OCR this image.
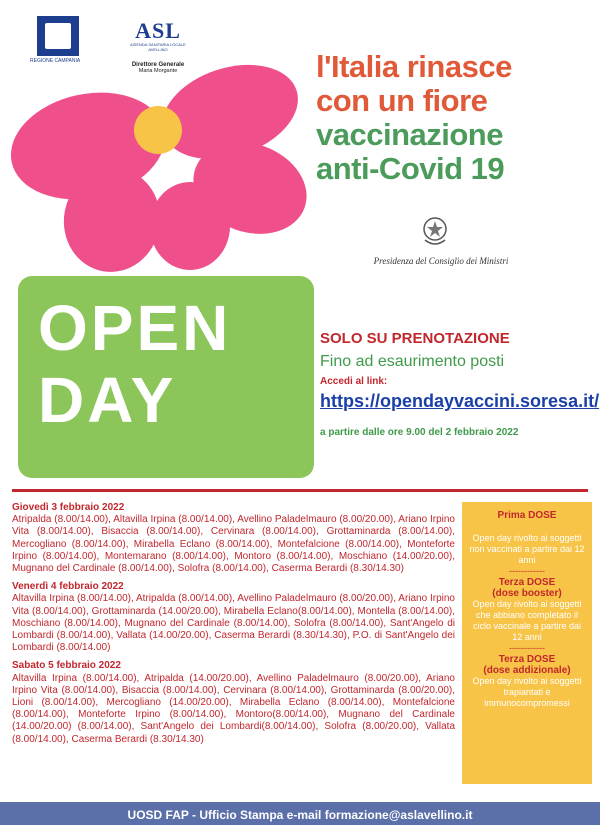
REGIONE CAMPANIA
ASL
AZIENDA SANITARIA LOCALE AVELLINO
Direttore Generale
Maria Morgante	l'Italia rinasce
con un fiore
vaccinazione
anti-Covid 19
Presidenza del Consiglio dei Ministri
OPEN
DAY
SOLO SU PRENOTAZIONE
Fino ad esaurimento posti
Accedi al link:
https://opendayvaccini.soresa.it/
a partire dalle ore 9.00 del 2 febbraio 2022
Giovedì 3 febbraio 2022
Atripalda (8.00/14.00), Altavilla Irpina (8.00/14.00), Avellino Paladelmauro (8.00/20.00), Ariano Irpino Vita (8.00/14.00), Bisaccia (8.00/14.00), Cervinara (8.00/14.00), Grottaminarda (8.00/14.00), Mercogliano (8.00/14.00), Mirabella Eclano (8.00/14.00), Montefalcione (8.00/14.00), Monteforte Irpino (8.00/14.00), Montemarano (8.00/14.00), Montoro (8.00/14.00), Moschiano (14.00/20.00), Mugnano del Cardinale (8.00/14.00), Solofra (8.00/14.00), Caserma Berardi (8.30/14.30)
Venerdì 4 febbraio 2022
Altavilla Irpina (8.00/14.00), Atripalda (8.00/14.00), Avellino Paladelmauro (8.00/20.00), Ariano Irpino Vita (8.00/14.00), Grottaminarda (14.00/20.00), Mirabella Eclano(8.00/14.00), Montella (8.00/14.00), Moschiano (8.00/14.00), Mugnano del Cardinale (8.00/14.00), Solofra (8.00/14.00), Sant'Angelo di Lombardi (8.00/14.00), Vallata (14.00/20.00), Caserma Berardi (8.30/14.30), P.O. di Sant'Angelo dei Lombardi (8.00/14.00)
Sabato 5 febbraio 2022
Altavilla Irpina (8.00/14.00), Atripalda (14.00/20.00), Avellino Paladelmauro (8.00/20.00), Ariano Irpino Vita (8.00/14.00), Bisaccia (8.00/14.00), Cervinara (8.00/14.00), Grottaminarda (8.00/20.00), Lioni (8.00/14.00), Mercogliano (14.00/20.00), Mirabella Eclano (8.00/14.00), Montefalcione (8.00/14.00), Monteforte Irpino (8.00/14.00), Montoro(8.00/14.00), Mugnano del Cardinale (14.00/20.00) (8.00/14.00), Sant'Angelo dei Lombardi(8.00/14.00), Solofra (8.00/20.00), Vallata (8.00/14.00), Caserma Berardi (8.30/14.30)
Prima DOSE
Open day rivolto ai soggetti non vaccinati a partire dai 12 anni
------------
Terza DOSE
(dose booster)
Open day rivolto ai soggetti che abbiano completato il ciclo vaccinale a partire dai 12 anni
------------
Terza DOSE
(dose addizionale)
Open day rivolto ai soggetti trapiantati e immunocompromessi
UOSD FAP - Ufficio Stampa e-mail formazione@aslavellino.it
